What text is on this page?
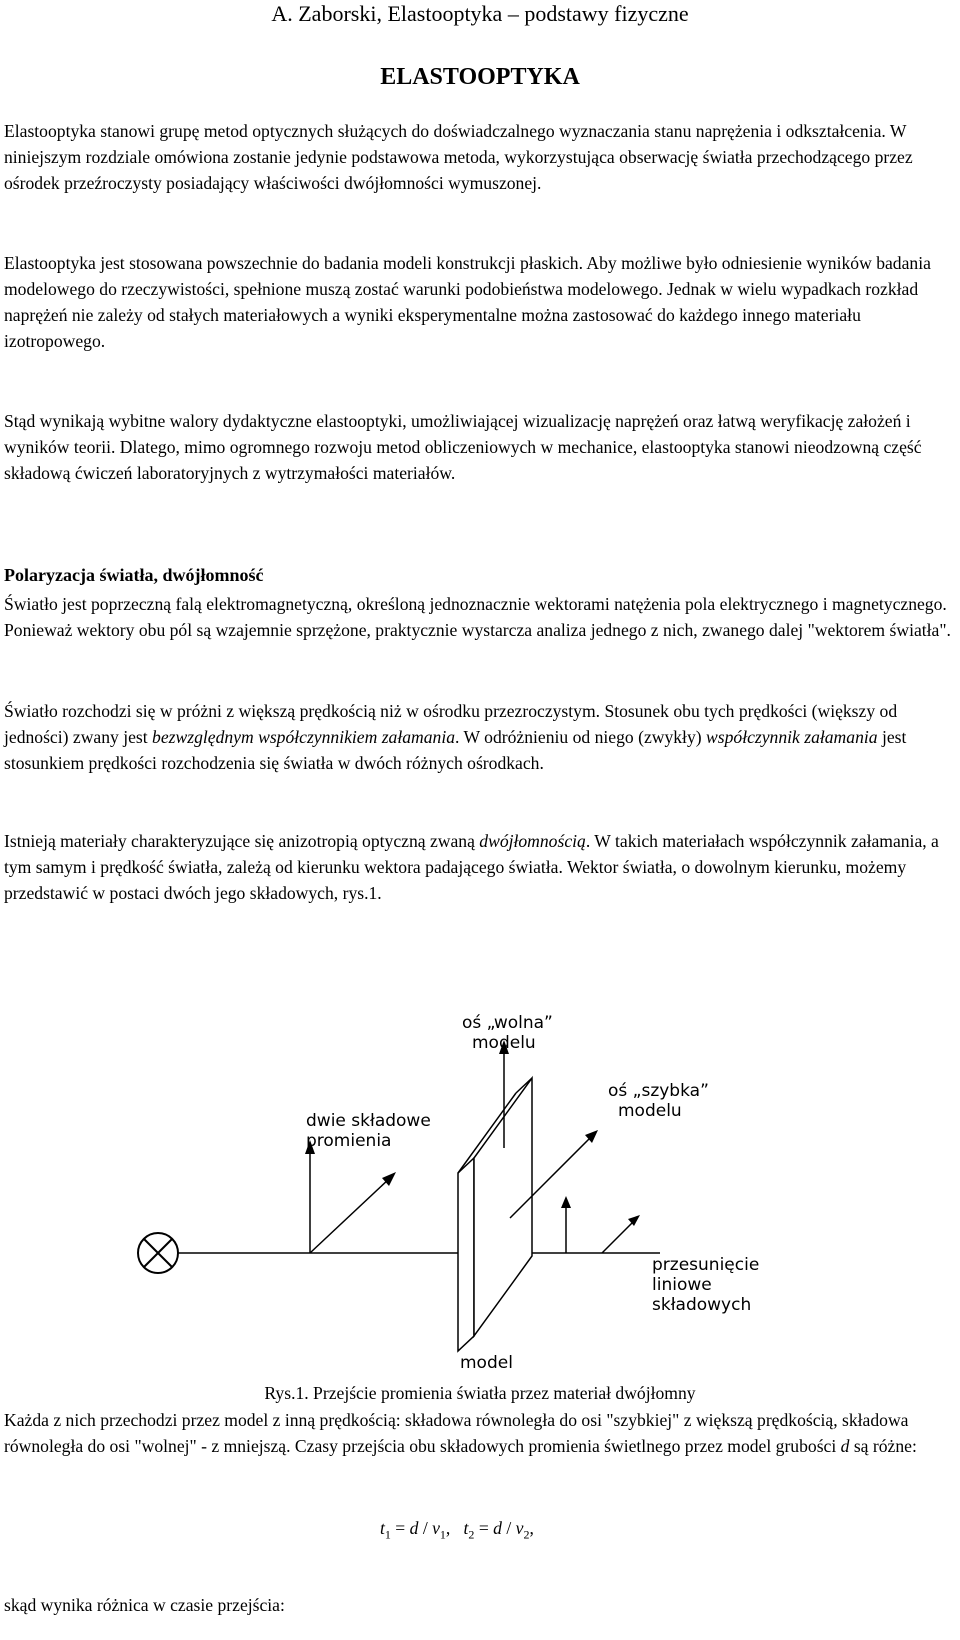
A. Zaborski, Elastooptyka – podstawy fizyczne
ELASTOOPTYKA

Elastooptyka stanowi grupę metod optycznych służących do doświadczalnego wyznaczania stanu naprężenia i odkształcenia. W niniejszym rozdziale omówiona zostanie jedynie podstawowa metoda, wykorzystująca obserwację światła przechodzącego przez ośrodek przeźroczysty posiadający właściwości dwójłomności wymuszonej.

Elastooptyka jest stosowana powszechnie do badania modeli konstrukcji płaskich. Aby możliwe było odniesienie wyników badania modelowego do rzeczywistości, spełnione muszą zostać warunki podobieństwa modelowego. Jednak w wielu wypadkach rozkład naprężeń nie zależy od stałych materiałowych a wyniki eksperymentalne można zastosować do każdego innego materiału izotropowego.

Stąd wynikają wybitne walory dydaktyczne elastooptyki, umożliwiającej wizualizację naprężeń oraz łatwą weryfikację założeń i wyników teorii. Dlatego, mimo ogromnego rozwoju metod obliczeniowych w mechanice, elastooptyka stanowi nieodzowną część składową ćwiczeń laboratoryjnych z wytrzymałości materiałów.

Polaryzacja światła, dwójłomność

Światło jest poprzeczną falą elektromagnetyczną, określoną jednoznacznie wektorami natężenia pola elektrycznego i magnetycznego. Ponieważ wektory obu pól są wzajemnie sprzężone, praktycznie wystarcza analiza jednego z nich, zwanego dalej "wektorem światła".

Światło rozchodzi się w próżni z większą prędkością niż w ośrodku przezroczystym. Stosunek obu tych prędkości (większy od jedności) zwany jest bezwzględnym współczynnikiem załamania. W odróżnieniu od niego (zwykły) współczynnik załamania jest stosunkiem prędkości rozchodzenia się światła w dwóch różnych ośrodkach.

Istnieją materiały charakteryzujące się anizotropią optyczną zwaną dwójłomnością. W takich materiałach współczynnik załamania, a tym samym i prędkość światła, zależą od kierunku wektora padającego światła. Wektor światła, o dowolnym kierunku, możemy przedstawić w postaci dwóch jego składowych, rys.1.

oś „wolna”
modelu
oś „szybka”
modelu
dwie składowe
promienia
przesunięcie
liniowe
składowych
model
Rys.1. Przejście promienia światła przez materiał dwójłomny

Każda z nich przechodzi przez model z inną prędkością: składowa równoległa do osi "szybkiej" z większą prędkością, składowa równoległa do osi "wolnej" - z mniejszą. Czasy przejścia obu składowych promienia świetlnego przez model grubości d są różne:

$t_1 = d / v_1$, $t_2 = d / v_2$,

skąd wynika różnica w czasie przejścia:
